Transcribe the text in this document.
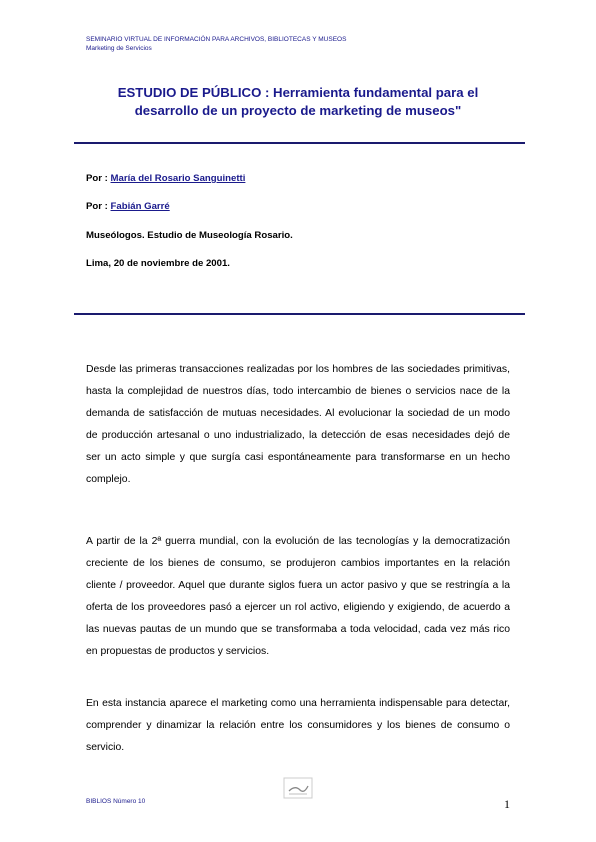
SEMINARIO VIRTUAL DE INFORMACIÓN PARA ARCHIVOS, BIBLIOTECAS Y MUSEOS
Marketing de Servicios
ESTUDIO DE PÚBLICO : Herramienta fundamental para el
desarrollo de un proyecto de marketing de museos"
Por : María del Rosario Sanguinetti
Por : Fabián Garré
Museólogos. Estudio de Museología Rosario.
Lima, 20 de noviembre de 2001.
Desde las primeras transacciones realizadas por los hombres de las sociedades primitivas, hasta la complejidad de nuestros días, todo intercambio de bienes o servicios nace de la demanda de satisfacción de mutuas necesidades. Al evolucionar la sociedad de un modo de producción artesanal o uno industrializado, la detección de esas necesidades dejó de ser un acto simple y que surgía casi espontáneamente para transformarse en un hecho complejo.
A partir de la 2ª guerra mundial, con la evolución de las tecnologías y la democratización creciente de los bienes de consumo, se produjeron cambios importantes en la relación cliente / proveedor. Aquel que durante siglos fuera un actor pasivo y que se restringía a la oferta de los proveedores pasó a ejercer un rol activo, eligiendo y exigiendo, de acuerdo a las nuevas pautas de un mundo que se transformaba a toda velocidad, cada vez más rico en propuestas de productos y servicios.
En esta instancia aparece el marketing como una herramienta indispensable para detectar, comprender y dinamizar la relación entre los consumidores y los bienes de consumo o servicio.
BIBLIOS Número 10	1
